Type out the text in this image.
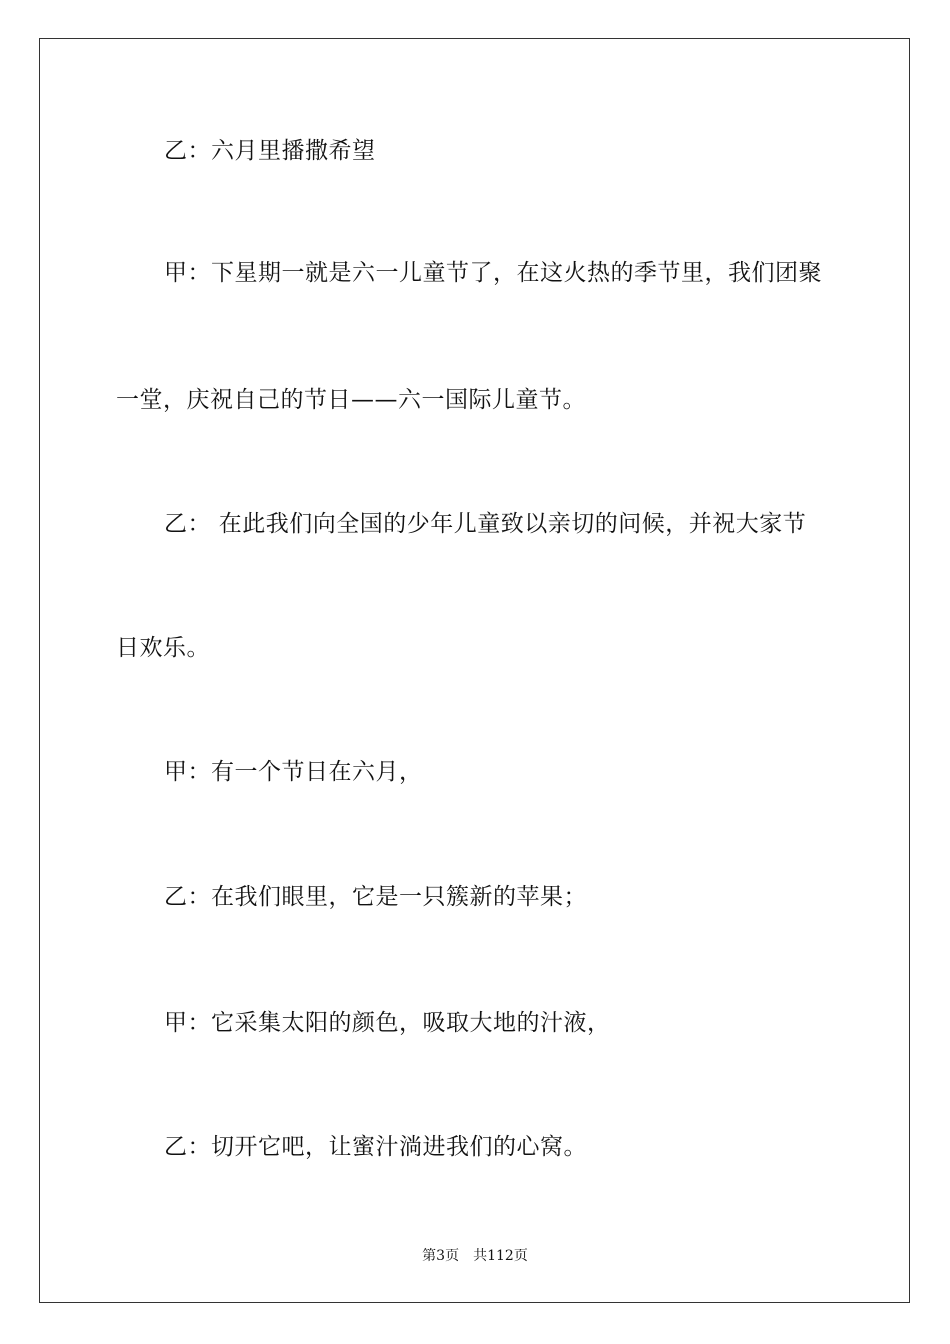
乙：六月里播撒希望
甲：下星期一就是六一儿童节了，在这火热的季节里，我们团聚
一堂，庆祝自己的节日——六一国际儿童节。
乙： 在此我们向全国的少年儿童致以亲切的问候，并祝大家节
日欢乐。
甲：有一个节日在六月，
乙：在我们眼里，它是一只簇新的苹果；
甲：它采集太阳的颜色，吸取大地的汁液，
乙：切开它吧，让蜜汁淌进我们的心窝。
第3页 共112页
